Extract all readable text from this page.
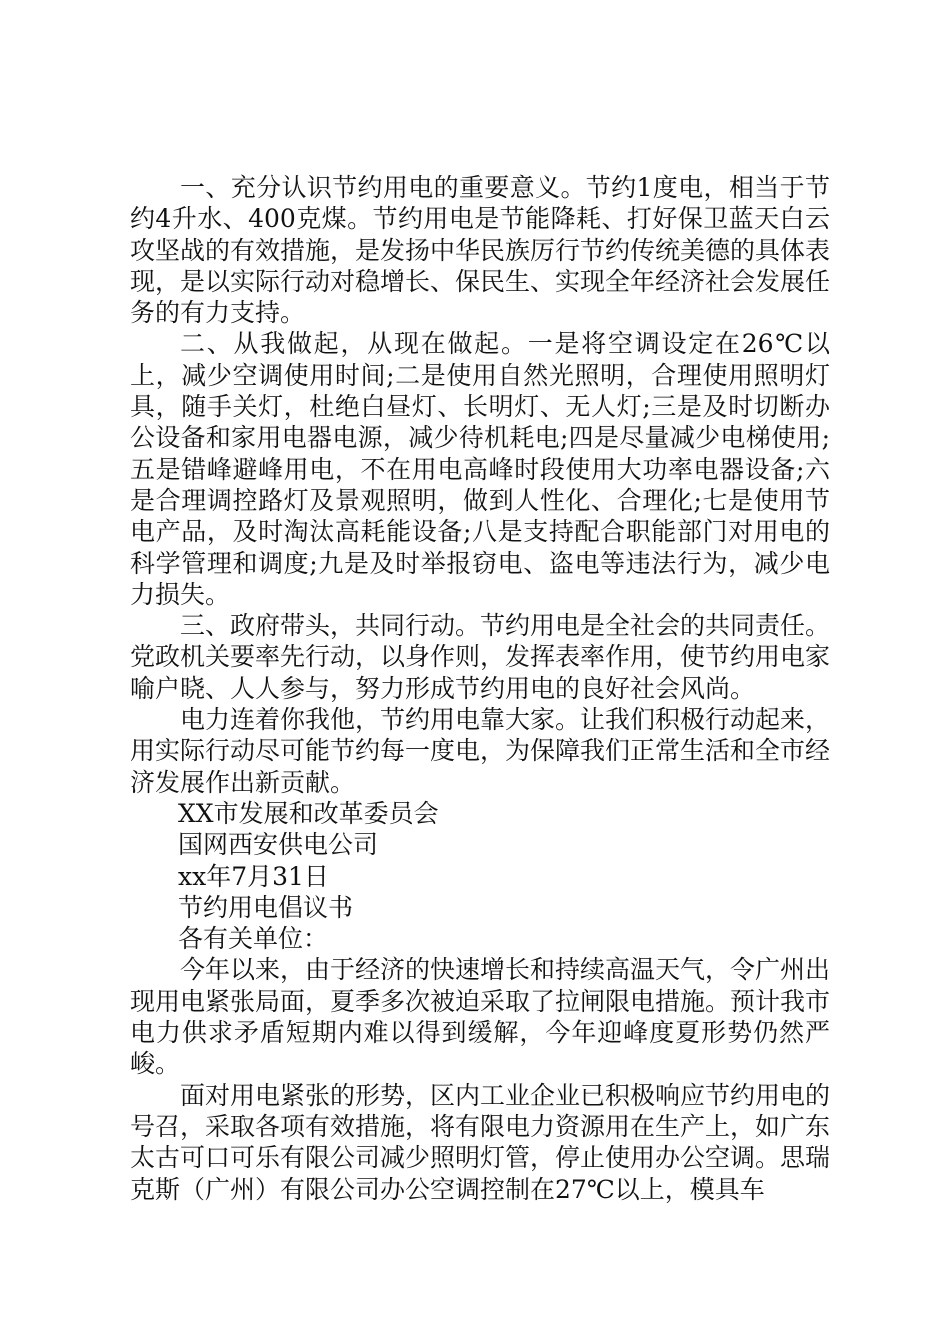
一、充分认识节约用电的重要意义。节约1度电，相当于节约4升水、400克煤。节约用电是节能降耗、打好保卫蓝天白云攻坚战的有效措施，是发扬中华民族厉行节约传统美德的具体表现，是以实际行动对稳增长、保民生、实现全年经济社会发展任务的有力支持。

二、从我做起，从现在做起。一是将空调设定在26℃以上，减少空调使用时间;二是使用自然光照明，合理使用照明灯具，随手关灯，杜绝白昼灯、长明灯、无人灯;三是及时切断办公设备和家用电器电源，减少待机耗电;四是尽量减少电梯使用;五是错峰避峰用电，不在用电高峰时段使用大功率电器设备;六是合理调控路灯及景观照明，做到人性化、合理化;七是使用节电产品，及时淘汰高耗能设备;八是支持配合职能部门对用电的科学管理和调度;九是及时举报窃电、盗电等违法行为，减少电力损失。

三、政府带头，共同行动。节约用电是全社会的共同责任。党政机关要率先行动，以身作则，发挥表率作用，使节约用电家喻户晓、人人参与，努力形成节约用电的良好社会风尚。

电力连着你我他，节约用电靠大家。让我们积极行动起来，用实际行动尽可能节约每一度电，为保障我们正常生活和全市经济发展作出新贡献。

XX市发展和改革委员会

国网西安供电公司

xx年7月31日

节约用电倡议书

各有关单位：

今年以来，由于经济的快速增长和持续高温天气，令广州出现用电紧张局面，夏季多次被迫采取了拉闸限电措施。预计我市电力供求矛盾短期内难以得到缓解，今年迎峰度夏形势仍然严峻。

面对用电紧张的形势，区内工业企业已积极响应节约用电的号召，采取各项有效措施，将有限电力资源用在生产上，如广东太古可口可乐有限公司减少照明灯管，停止使用办公空调。思瑞克斯（广州）有限公司办公空调控制在27℃以上，模具车
